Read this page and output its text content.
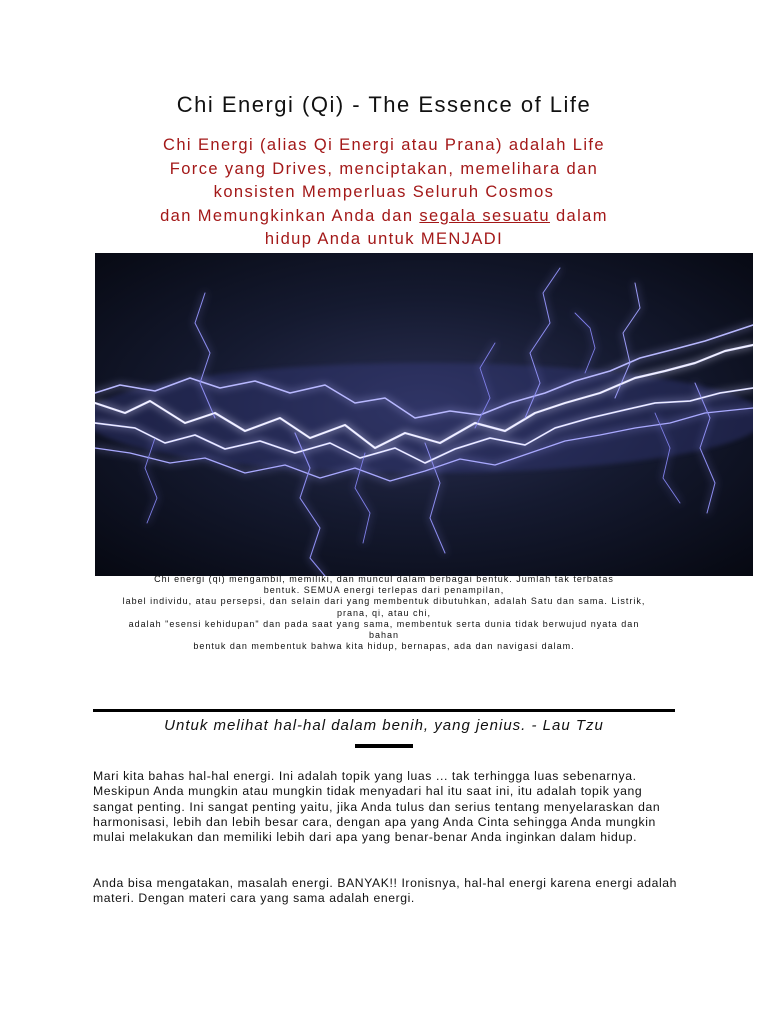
Chi Energi (Qi) - The Essence of Life
Chi Energi (alias Qi Energi atau Prana) adalah Life
Force yang Drives, menciptakan, memelihara dan
konsisten Memperluas Seluruh Cosmos
dan Memungkinkan Anda dan segala sesuatu dalam
hidup Anda untuk MENJADI
Chi energi (qi) mengambil, memiliki, dan muncul dalam berbagai bentuk. Jumlah tak terbatas
bentuk. SEMUA energi terlepas dari penampilan,
label individu, atau persepsi, dan selain dari yang membentuk dibutuhkan, adalah Satu dan sama. Listrik,
prana, qi, atau chi,
adalah "esensi kehidupan" dan pada saat yang sama, membentuk serta dunia tidak berwujud nyata dan
bahan
bentuk dan membentuk bahwa kita hidup, bernapas, ada dan navigasi dalam.
Untuk melihat hal-hal dalam benih, yang jenius. - Lau Tzu

Mari kita bahas hal-hal energi. Ini adalah topik yang luas ... tak terhingga luas sebenarnya. Meskipun Anda mungkin atau mungkin tidak menyadari hal itu saat ini, itu adalah topik yang sangat penting. Ini sangat penting yaitu, jika Anda tulus dan serius tentang menyelaraskan dan harmonisasi, lebih dan lebih besar cara, dengan apa yang Anda Cinta sehingga Anda mungkin mulai melakukan dan memiliki lebih dari apa yang benar-benar Anda inginkan dalam hidup.

Anda bisa mengatakan, masalah energi. BANYAK!! Ironisnya, hal-hal energi karena energi adalah materi. Dengan materi cara yang sama adalah energi.
